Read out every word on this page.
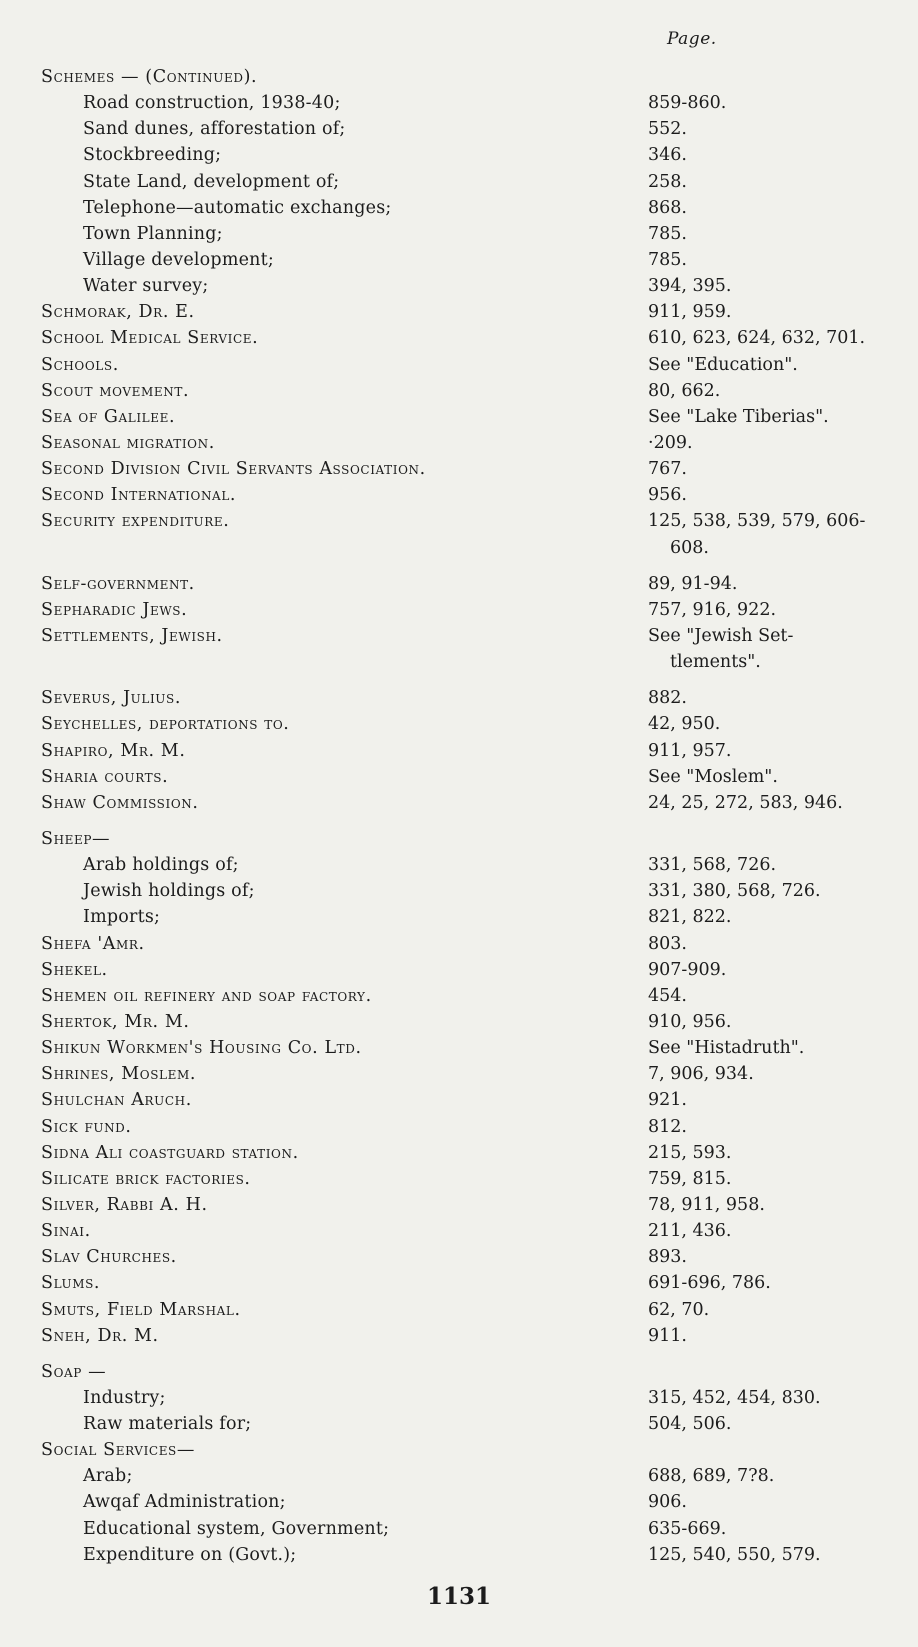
Page.
Schemes — (Continued).
Road construction, 1938-40;	859-860.
Sand dunes, afforestation of;	552.
Stockbreeding;	346.
State Land, development of;	258.
Telephone—automatic exchanges;	868.
Town Planning;	785.
Village development;	785.
Water survey;	394, 395.
Schmorak, Dr. E.	911, 959.
School Medical Service.	610, 623, 624, 632, 701.
Schools.	See "Education".
Scout movement.	80, 662.
Sea of Galilee.	See "Lake Tiberias".
Seasonal migration.	·209.
Second Division Civil Servants Association.	767.
Second International.	956.
Security expenditure.	125, 538, 539, 579, 606-
608.
Self-government.	89, 91-94.
Sepharadic Jews.	757, 916, 922.
Settlements, Jewish.	See "Jewish Set-
tlements".
Severus, Julius.	882.
Seychelles, deportations to.	42, 950.
Shapiro, Mr. M.	911, 957.
Sharia courts.	See "Moslem".
Shaw Commission.	24, 25, 272, 583, 946.
Sheep—
Arab holdings of;	331, 568, 726.
Jewish holdings of;	331, 380, 568, 726.
Imports;	821, 822.
Shefa 'Amr.	803.
Shekel.	907-909.
Shemen oil refinery and soap factory.	454.
Shertok, Mr. M.	910, 956.
Shikun Workmen's Housing Co. Ltd.	See "Histadruth".
Shrines, Moslem.	7, 906, 934.
Shulchan Aruch.	921.
Sick fund.	812.
Sidna Ali coastguard station.	215, 593.
Silicate brick factories.	759, 815.
Silver, Rabbi A. H.	78, 911, 958.
Sinai.	211, 436.
Slav Churches.	893.
Slums.	691-696, 786.
Smuts, Field Marshal.	62, 70.
Sneh, Dr. M.	911.
Soap —
Industry;	315, 452, 454, 830.
Raw materials for;	504, 506.
Social Services—
Arab;	688, 689, 7?8.
Awqaf Administration;	906.
Educational system, Government;	635-669.
Expenditure on (Govt.);	125, 540, 550, 579.
1131
